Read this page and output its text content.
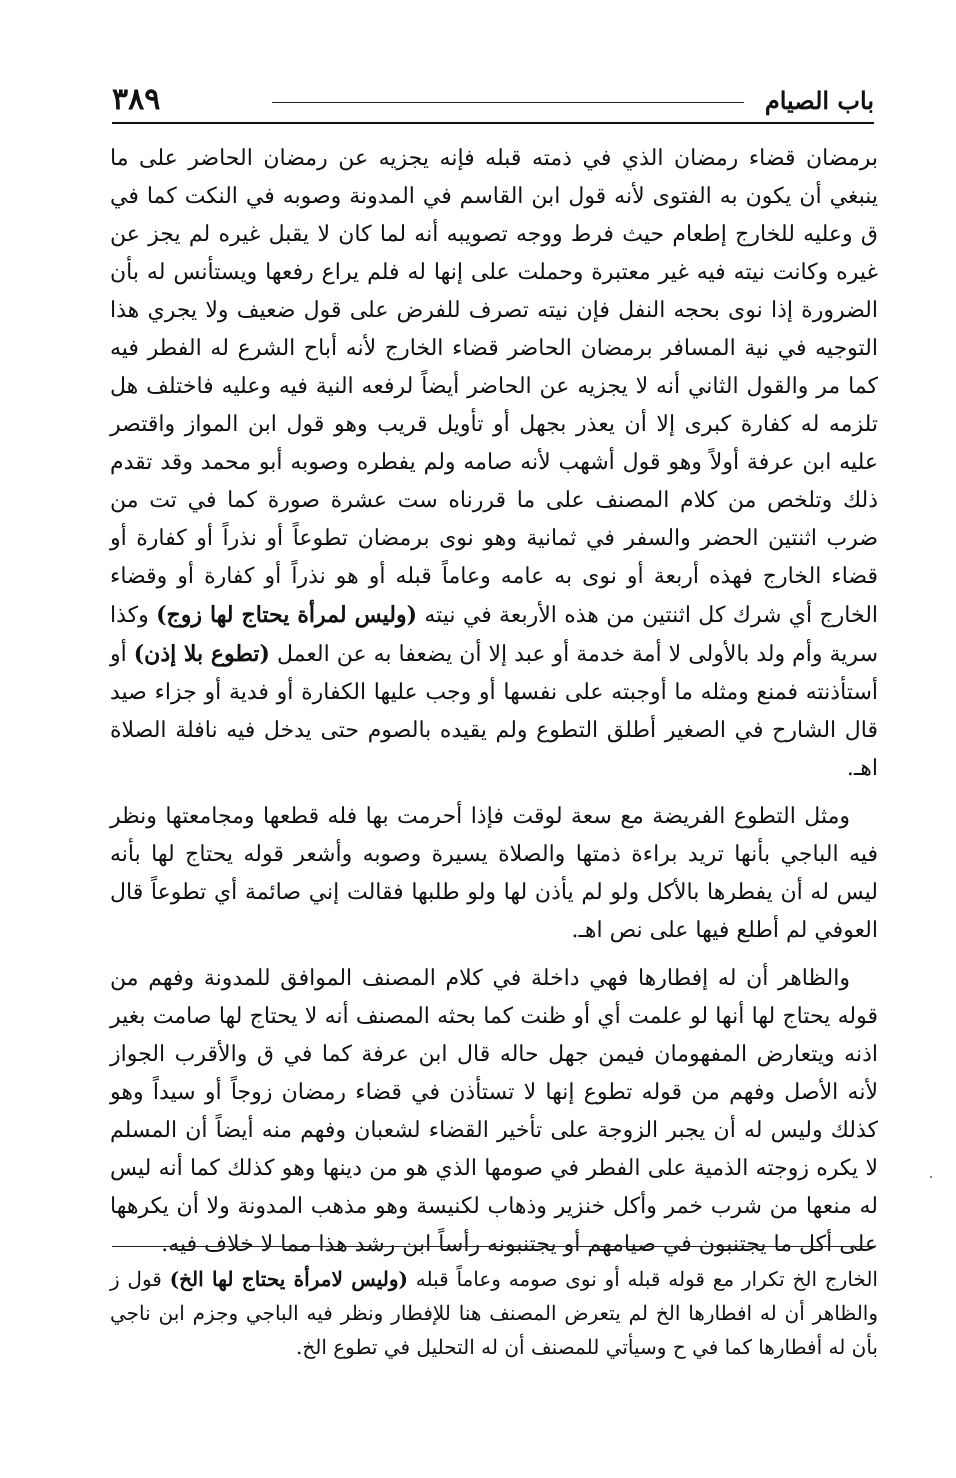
باب الصيام
٣٨٩

برمضان قضاء رمضان الذي في ذمته قبله فإنه يجزيه عن رمضان الحاضر على ما ينبغي أن يكون به الفتوى لأنه قول ابن القاسم في المدونة وصوبه في النكت كما في ق وعليه للخارج إطعام حيث فرط ووجه تصويبه أنه لما كان لا يقبل غيره لم يجز عن غيره وكانت نيته فيه غير معتبرة وحملت على إنها له فلم يراع رفعها ويستأنس له بأن الضرورة إذا نوى بحجه النفل فإن نيته تصرف للفرض على قول ضعيف ولا يجري هذا التوجيه في نية المسافر برمضان الحاضر قضاء الخارج لأنه أباح الشرع له الفطر فيه كما مر والقول الثاني أنه لا يجزيه عن الحاضر أيضاً لرفعه النية فيه وعليه فاختلف هل تلزمه له كفارة كبرى إلا أن يعذر بجهل أو تأويل قريب وهو قول ابن المواز واقتصر عليه ابن عرفة أولاً وهو قول أشهب لأنه صامه ولم يفطره وصوبه أبو محمد وقد تقدم ذلك وتلخص من كلام المصنف على ما قررناه ست عشرة صورة كما في تت من ضرب اثنتين الحضر والسفر في ثمانية وهو نوى برمضان تطوعاً أو نذراً أو كفارة أو قضاء الخارج فهذه أربعة أو نوى به عامه وعاماً قبله أو هو نذراً أو كفارة أو وقضاء الخارج أي شرك كل اثنتين من هذه الأربعة في نيته (وليس لمرأة يحتاج لها زوج) وكذا سرية وأم ولد بالأولى لا أمة خدمة أو عبد إلا أن يضعفا به عن العمل (تطوع بلا إذن) أو أستأذنته فمنع ومثله ما أوجبته على نفسها أو وجب عليها الكفارة أو فدية أو جزاء صيد قال الشارح في الصغير أطلق التطوع ولم يقيده بالصوم حتى يدخل فيه نافلة الصلاة اهـ.

ومثل التطوع الفريضة مع سعة لوقت فإذا أحرمت بها فله قطعها ومجامعتها ونظر فيه الباجي بأنها تريد براءة ذمتها والصلاة يسيرة وصوبه وأشعر قوله يحتاج لها بأنه ليس له أن يفطرها بالأكل ولو لم يأذن لها ولو طلبها فقالت إني صائمة أي تطوعاً قال العوفي لم أطلع فيها على نص اهـ.

والظاهر أن له إفطارها فهي داخلة في كلام المصنف الموافق للمدونة وفهم من قوله يحتاج لها أنها لو علمت أي أو ظنت كما بحثه المصنف أنه لا يحتاج لها صامت بغير اذنه ويتعارض المفهومان فيمن جهل حاله قال ابن عرفة كما في ق والأقرب الجواز لأنه الأصل وفهم من قوله تطوع إنها لا تستأذن في قضاء رمضان زوجاً أو سيداً وهو كذلك وليس له أن يجبر الزوجة على تأخير القضاء لشعبان وفهم منه أيضاً أن المسلم لا يكره زوجته الذمية على الفطر في صومها الذي هو من دينها وهو كذلك كما أنه ليس له منعها من شرب خمر وأكل خنزير وذهاب لكنيسة وهو مذهب المدونة ولا أن يكرهها على أكل ما يجتنبون في صيامهم أو يجتنبونه رأساً ابن رشد هذا مما لا خلاف فيه.

الخارج الخ تكرار مع قوله قبله أو نوى صومه وعاماً قبله (وليس لامرأة يحتاج لها الخ) قول ز والظاهر أن له افطارها الخ لم يتعرض المصنف هنا للإفطار ونظر فيه الباجي وجزم ابن ناجي بأن له أفطارها كما في ح وسيأتي للمصنف أن له التحليل في تطوع الخ.
